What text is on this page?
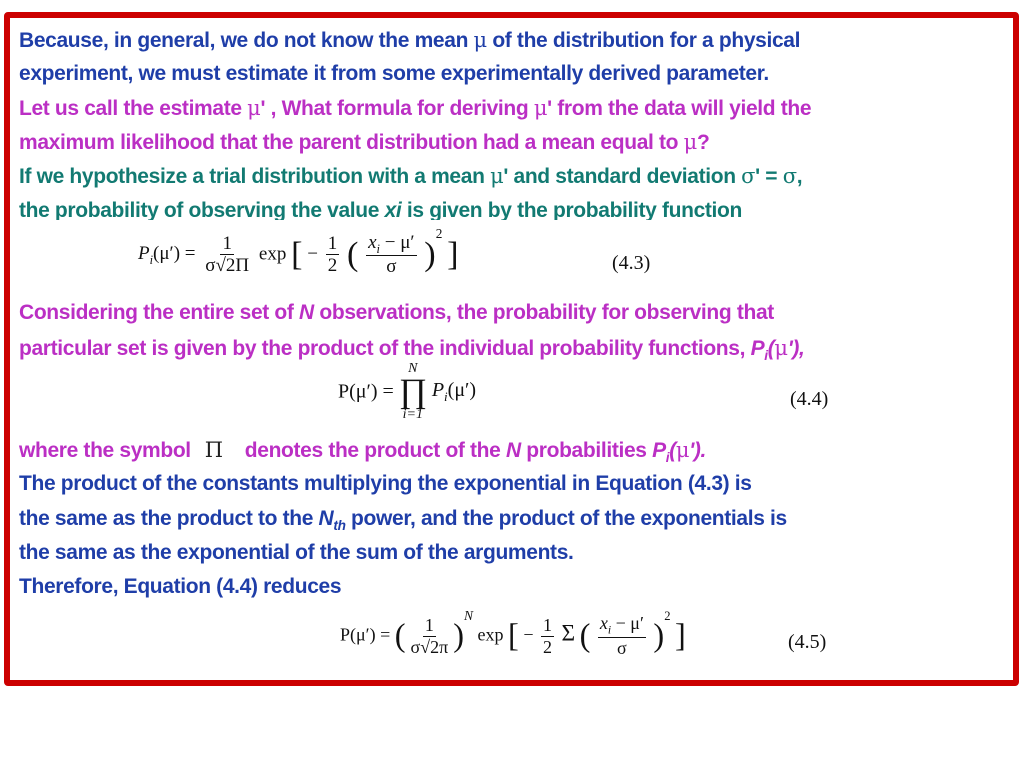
Because, in general, we do not know the mean μ of the distribution for a physical
experiment, we must estimate it from some experimentally derived parameter.
Let us call the estimate μ' , What formula for deriving μ' from the data will yield the
maximum likelihood that the parent distribution had a mean equal to μ?
If we hypothesize a trial distribution with a mean μ' and standard deviation σ' = σ,
the probability of observing the value xi is given by the probability function
$P_i(\mu') = \frac{1}{\sigma√2\Pi}$ exp [ − $\frac{1}{2}$ ( $\frac{x_i - \mu'}{\sigma} )^2$ ]	(4.3)
Considering the entire set of N observations, the probability for observing that
particular set is given by the product of the individual probability functions, $P_i(\mu')$,
P(μ′) =
N
∏
i=1
$P_i(\mu')$	(4.4)
where the symbol Π denotes the product of the N probabilities $P_i(\mu')$.
The product of the constants multiplying the exponential in Equation (4.3) is
the same as the product to the $N_{th}$ power, and the product of the exponentials is
the same as the exponential of the sum of the arguments.
Therefore, Equation (4.4) reduces
P(μ′) = ( $\frac{1}{\sigma√2\pi} )^N$ exp [ − $\frac{1}{2}$ Σ ( $\frac{x_i - \mu'}{\sigma} )^2$ ]	(4.5)
